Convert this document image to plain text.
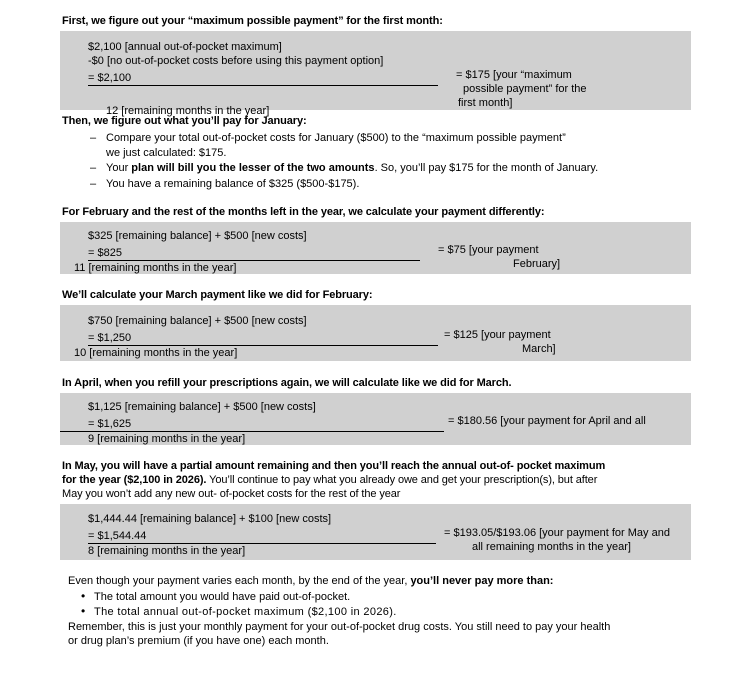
First, we figure out your “maximum possible payment” for the first month:
$2,100 [annual out-of-pocket maximum]
-$0 [no out-of-pocket costs before using this payment option]
= $2,100
12 [remaining months in the year]
= $175 [your “maximum
possible payment” for the
first month]
Then, we figure out what you’ll pay for January:
– Compare your total out-of-pocket costs for January ($500) to the “maximum possible payment”
we just calculated: $175.
– Your plan will bill you the lesser of the two amounts. So, you’ll pay $175 for the month of January.
– You have a remaining balance of $325 ($500-$175).
For February and the rest of the months left in the year, we calculate your payment differently:
$325 [remaining balance] + $500 [new costs]
= $825
11 [remaining months in the year]
= $75 [your payment
February]
We’ll calculate your March payment like we did for February:
$750 [remaining balance] + $500 [new costs]
= $1,250
10 [remaining months in the year]
= $125 [your payment
March]
In April, when you refill your prescriptions again, we will calculate like we did for March.
$1,125 [remaining balance] + $500 [new costs]
= $1,625
9 [remaining months in the year]
= $180.56 [your payment for April and all
In May, you will have a partial amount remaining and then you’ll reach the annual out-of- pocket maximum
for the year ($2,100 in 2026). You’ll continue to pay what you already owe and get your prescription(s), but after
May you won’t add any new out- of-pocket costs for the rest of the year
$1,444.44 [remaining balance] + $100 [new costs]
= $1,544.44
8 [remaining months in the year]
= $193.05/$193.06 [your payment for May and
all remaining months in the year]
Even though your payment varies each month, by the end of the year, you’ll never pay more than:
• The total amount you would have paid out-of-pocket.
• The total annual out-of-pocket maximum ($2,100 in 2026).
Remember, this is just your monthly payment for your out-of-pocket drug costs. You still need to pay your health
or drug plan’s premium (if you have one) each month.
